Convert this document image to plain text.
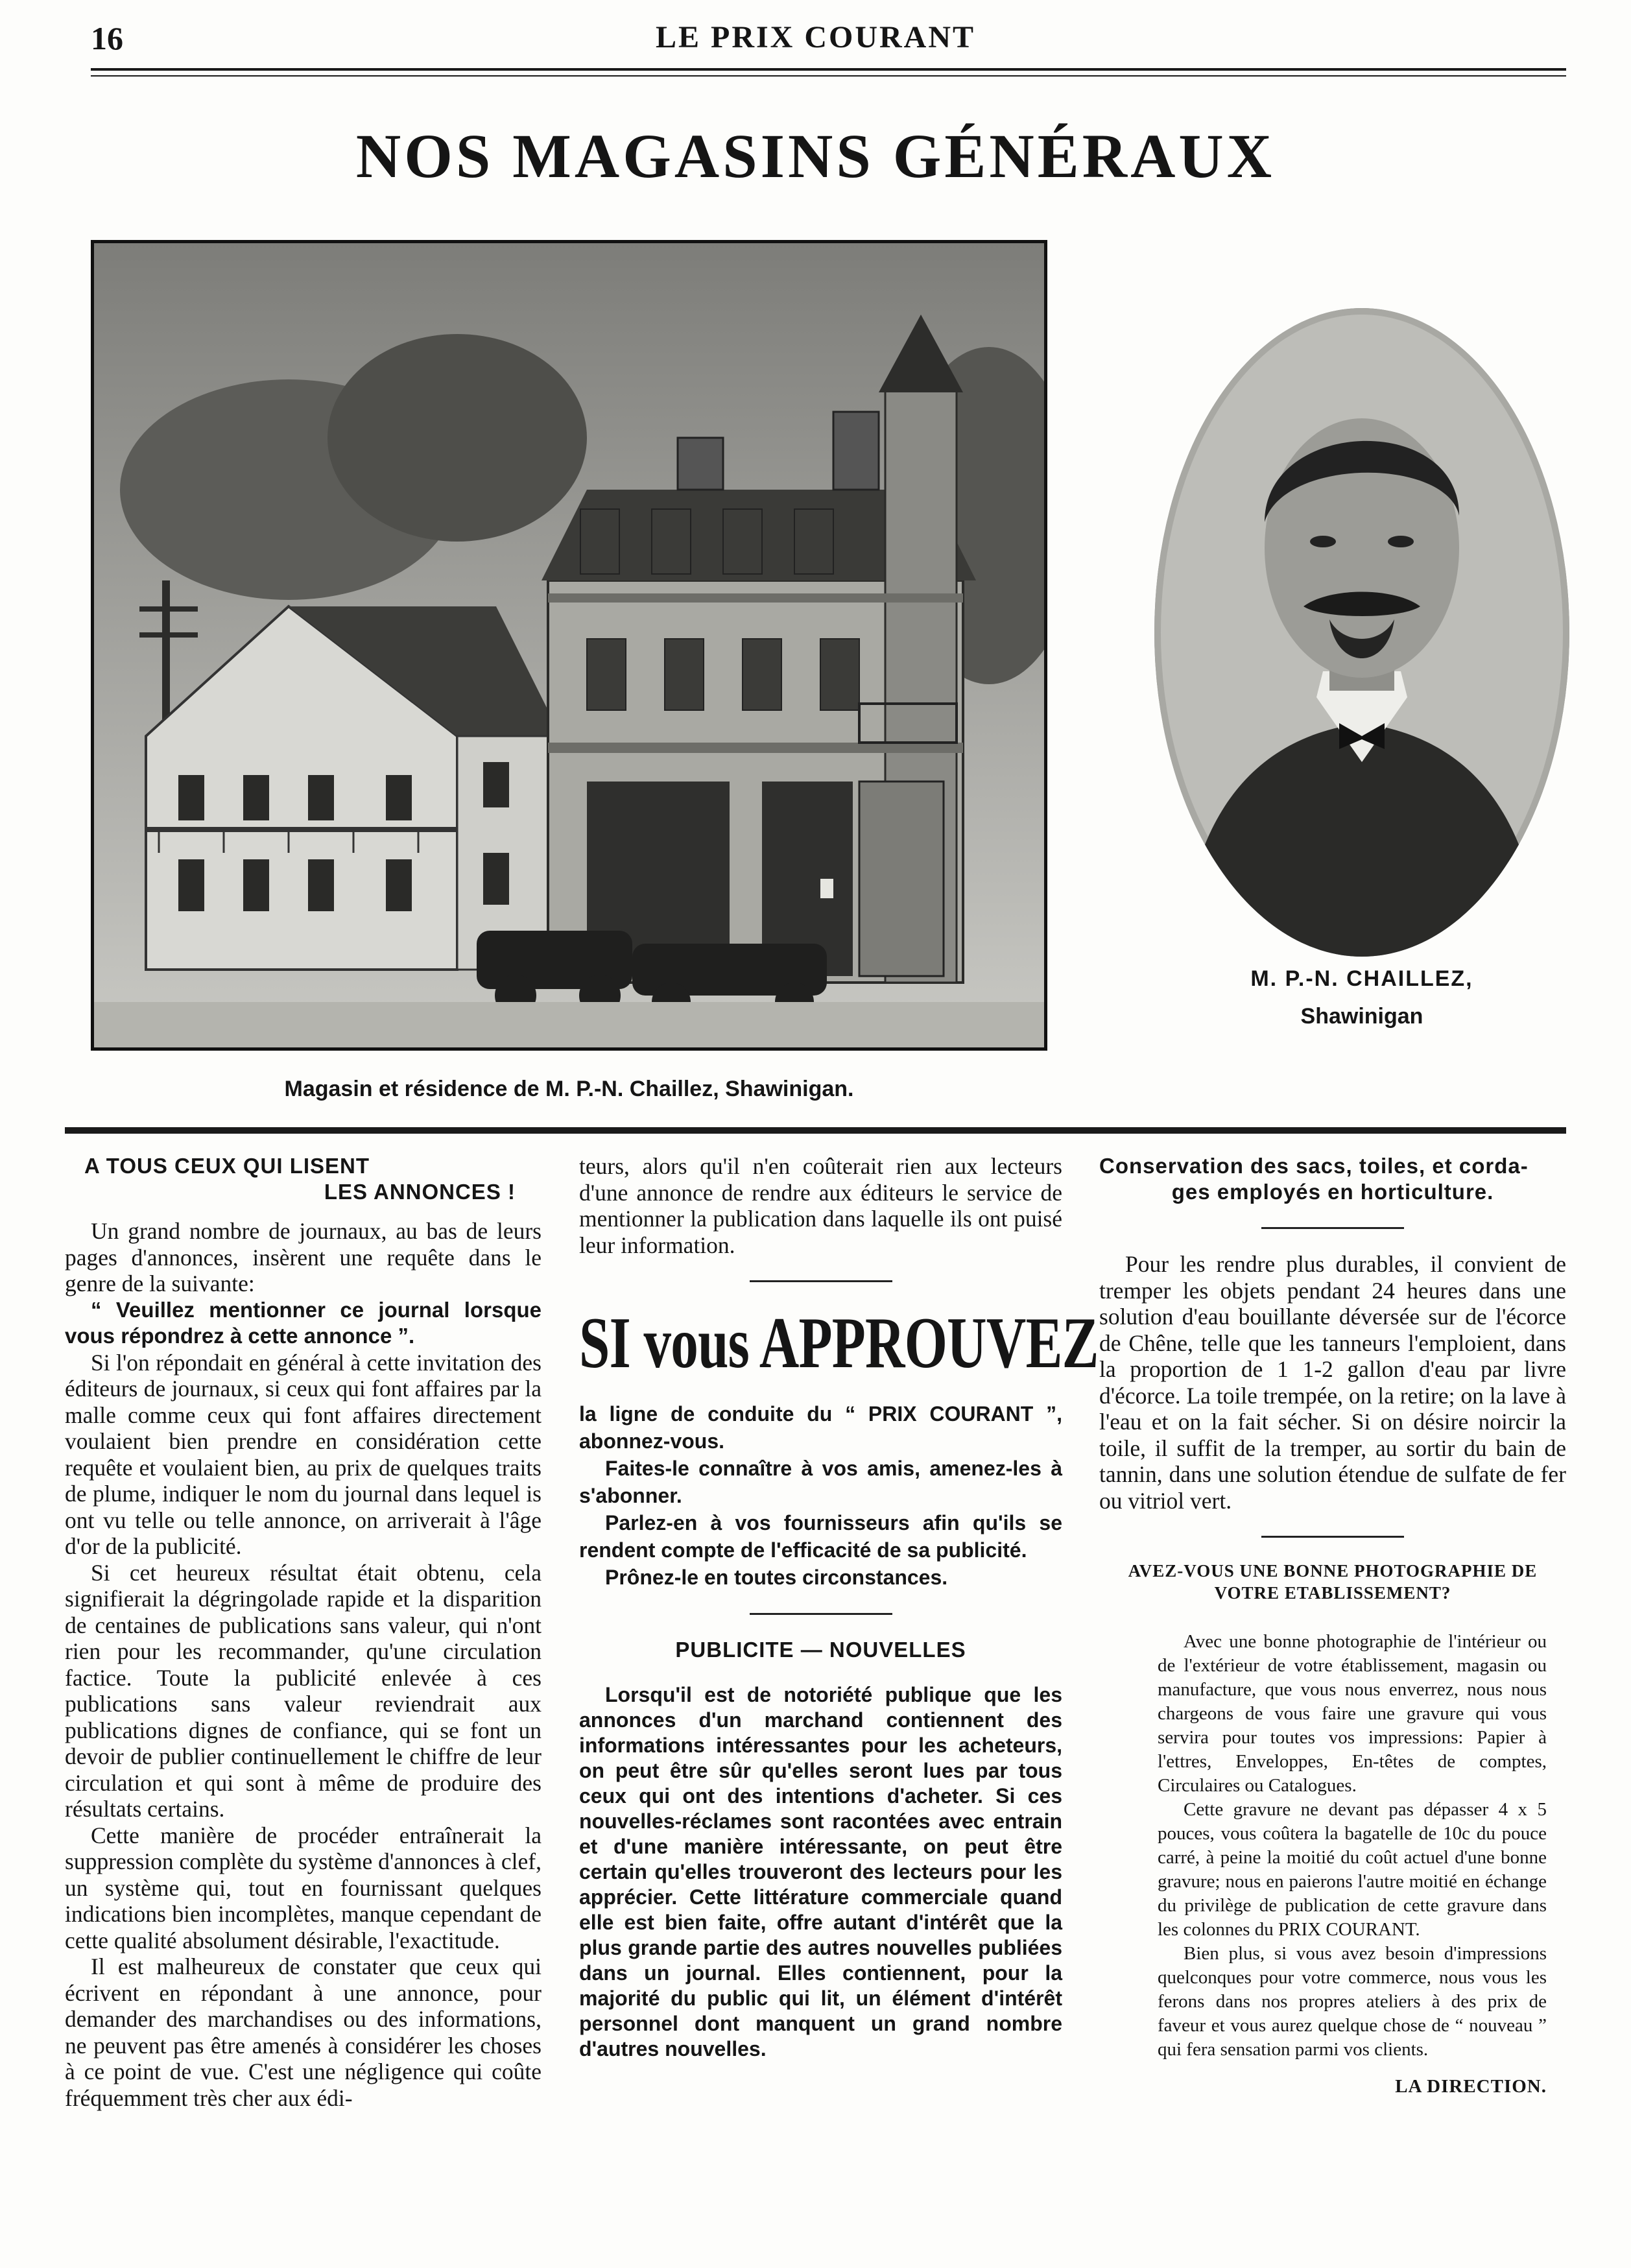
16	LE PRIX COURANT
NOS MAGASINS GÉNÉRAUX
Magasin et résidence de M. P.-N. Chaillez, Shawinigan.
M. P.-N. CHAILLEZ,
Shawinigan
A TOUS CEUX QUI LISENT
LES ANNONCES !

Un grand nombre de journaux, au bas de leurs pages d'annonces, insèrent une requête dans le genre de la suivante:

“ Veuillez mentionner ce journal lorsque vous répondrez à cette annonce ”.

Si l'on répondait en général à cette invitation des éditeurs de journaux, si ceux qui font affaires par la malle comme ceux qui font affaires directement voulaient bien prendre en considération cette requête et voulaient bien, au prix de quelques traits de plume, indiquer le nom du journal dans lequel is ont vu telle ou telle annonce, on arriverait à l'âge d'or de la publicité.

Si cet heureux résultat était obtenu, cela signifierait la dégringolade rapide et la disparition de centaines de publications sans valeur, qui n'ont rien pour les recommander, qu'une circulation factice. Toute la publicité enlevée à ces publications sans valeur reviendrait aux publications dignes de confiance, qui se font un devoir de publier continuellement le chiffre de leur circulation et qui sont à même de produire des résultats certains.

Cette manière de procéder entraînerait la suppression complète du système d'annonces à clef, un système qui, tout en fournissant quelques indications bien incomplètes, manque cependant de cette qualité absolument désirable, l'exactitude.

Il est malheureux de constater que ceux qui écrivent en répondant à une annonce, pour demander des marchandises ou des informations, ne peuvent pas être amenés à considérer les choses à ce point de vue. C'est une négligence qui coûte fréquemment très cher aux édi-

teurs, alors qu'il n'en coûterait rien aux lecteurs d'une annonce de rendre aux éditeurs le service de mentionner la publication dans laquelle ils ont puisé leur information.

SI vous APPROUVEZ

la ligne de conduite du “ PRIX COURANT ”, abonnez-vous.

Faites-le connaître à vos amis, amenez-les à s'abonner.

Parlez-en à vos fournisseurs afin qu'ils se rendent compte de l'efficacité de sa publicité.

Prônez-le en toutes circonstances.

PUBLICITE — NOUVELLES

Lorsqu'il est de notoriété publique que les annonces d'un marchand contiennent des informations intéressantes pour les acheteurs, on peut être sûr qu'elles seront lues par tous ceux qui ont des intentions d'acheter. Si ces nouvelles-réclames sont racontées avec entrain et d'une manière intéressante, on peut être certain qu'elles trouveront des lecteurs pour les apprécier. Cette littérature commerciale quand elle est bien faite, offre autant d'intérêt que la plus grande partie des autres nouvelles publiées dans un journal. Elles contiennent, pour la majorité du public qui lit, un élément d'intérêt personnel dont manquent un grand nombre d'autres nouvelles.

Conservation des sacs, toiles, et corda-
ges employés en horticulture.

Pour les rendre plus durables, il convient de tremper les objets pendant 24 heures dans une solution d'eau bouillante déversée sur de l'écorce de Chêne, telle que les tanneurs l'emploient, dans la proportion de 1 1-2 gallon d'eau par livre d'écorce. La toile trempée, on la retire; on la lave à l'eau et on la fait sécher. Si on désire noircir la toile, il suffit de la tremper, au sortir du bain de tannin, dans une solution étendue de sulfate de fer ou vitriol vert.

AVEZ-VOUS UNE BONNE PHOTOGRAPHIE DE VOTRE ETABLISSEMENT?

Avec une bonne photographie de l'intérieur ou de l'extérieur de votre établissement, magasin ou manufacture, que vous nous enverrez, nous nous chargeons de vous faire une gravure qui vous servira pour toutes vos impressions: Papier à l'ettres, Enveloppes, En-têtes de comptes, Circulaires ou Catalogues.

Cette gravure ne devant pas dépasser 4 x 5 pouces, vous coûtera la bagatelle de 10c du pouce carré, à peine la moitié du coût actuel d'une bonne gravure; nous en paierons l'autre moitié en échange du privilège de publication de cette gravure dans les colonnes du PRIX COURANT.

Bien plus, si vous avez besoin d'impressions quelconques pour votre commerce, nous vous les ferons dans nos propres ateliers à des prix de faveur et vous aurez quelque chose de “ nouveau ” qui fera sensation parmi vos clients.

LA DIRECTION.
